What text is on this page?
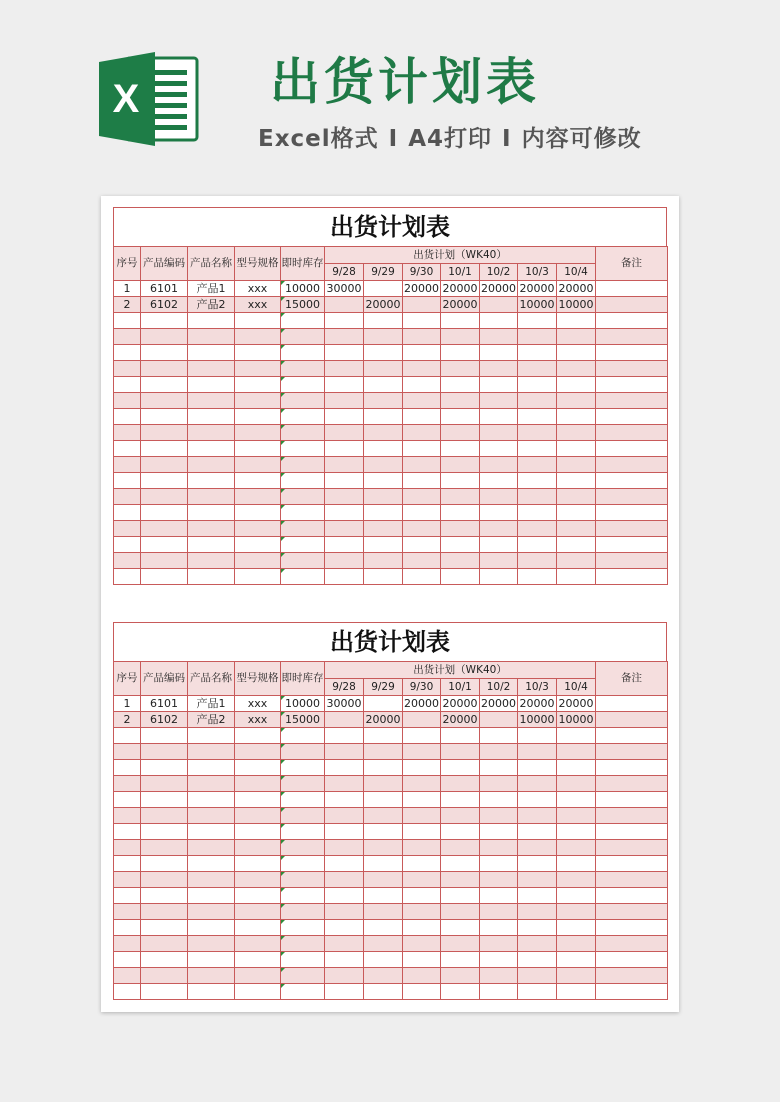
X	出货计划表
Excel格式 I A4打印 I 内容可修改
出货计划表
序号	产品编码	产品名称	型号规格	即时库存	出货计划（WK40）							备注
					9/28	9/29	9/30	10/1	10/2	10/3	10/4	
1	6101	产品1	xxx	10000	30000		20000	20000	20000	20000	20000	
2	6102	产品2	xxx	15000		20000		20000		10000	10000	

出货计划表
序号	产品编码	产品名称	型号规格	即时库存	出货计划（WK40）							备注
					9/28	9/29	9/30	10/1	10/2	10/3	10/4	
1	6101	产品1	xxx	10000	30000		20000	20000	20000	20000	20000	
2	6102	产品2	xxx	15000		20000		20000		10000	10000	
